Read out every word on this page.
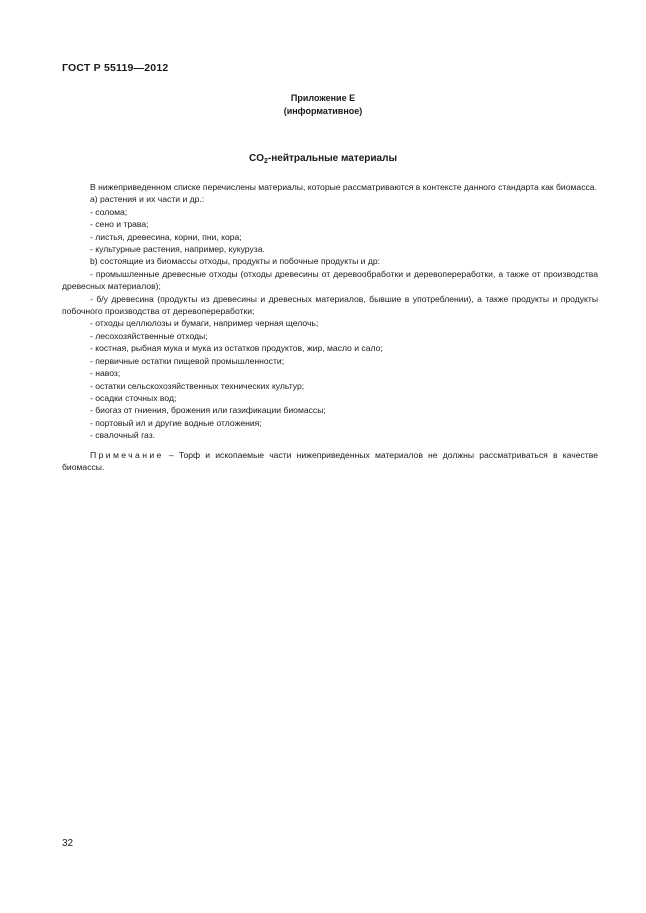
ГОСТ Р 55119—2012
Приложение Е
(информативное)
$CO_2$-нейтральные материалы

В нижеприведенном списке перечислены материалы, которые рассматриваются в контексте данного стандарта как биомасса.

a) растения и их части и др.:

- солома;

- сено и трава;

- листья, древесина, корни, пни, кора;

- культурные растения, например, кукуруза.

b) состоящие из биомассы отходы, продукты и побочные продукты и др:

- промышленные древесные отходы (отходы древесины от деревообработки и деревопереработки, а также от производства древесных материалов);

- б/у древесина (продукты из древесины и древесных материалов, бывшие в употреблении), а также продукты и продукты побочного производства от деревопереработки;

- отходы целлюлозы и бумаги, например черная щелочь;

- лесохозяйственные отходы;

- костная, рыбная мука и мука из остатков продуктов, жир, масло и сало;

- первичные остатки пищевой промышленности;

- навоз;

- остатки сельскохозяйственных технических культур;

- осадки сточных вод;

- биогаз от гниения, брожения или газификации биомассы;

- портовый ил и другие водные отложения;

- свалочный газ.

Примечание – Торф и ископаемые части нижеприведенных материалов не должны рассматриваться в качестве биомассы.

32
